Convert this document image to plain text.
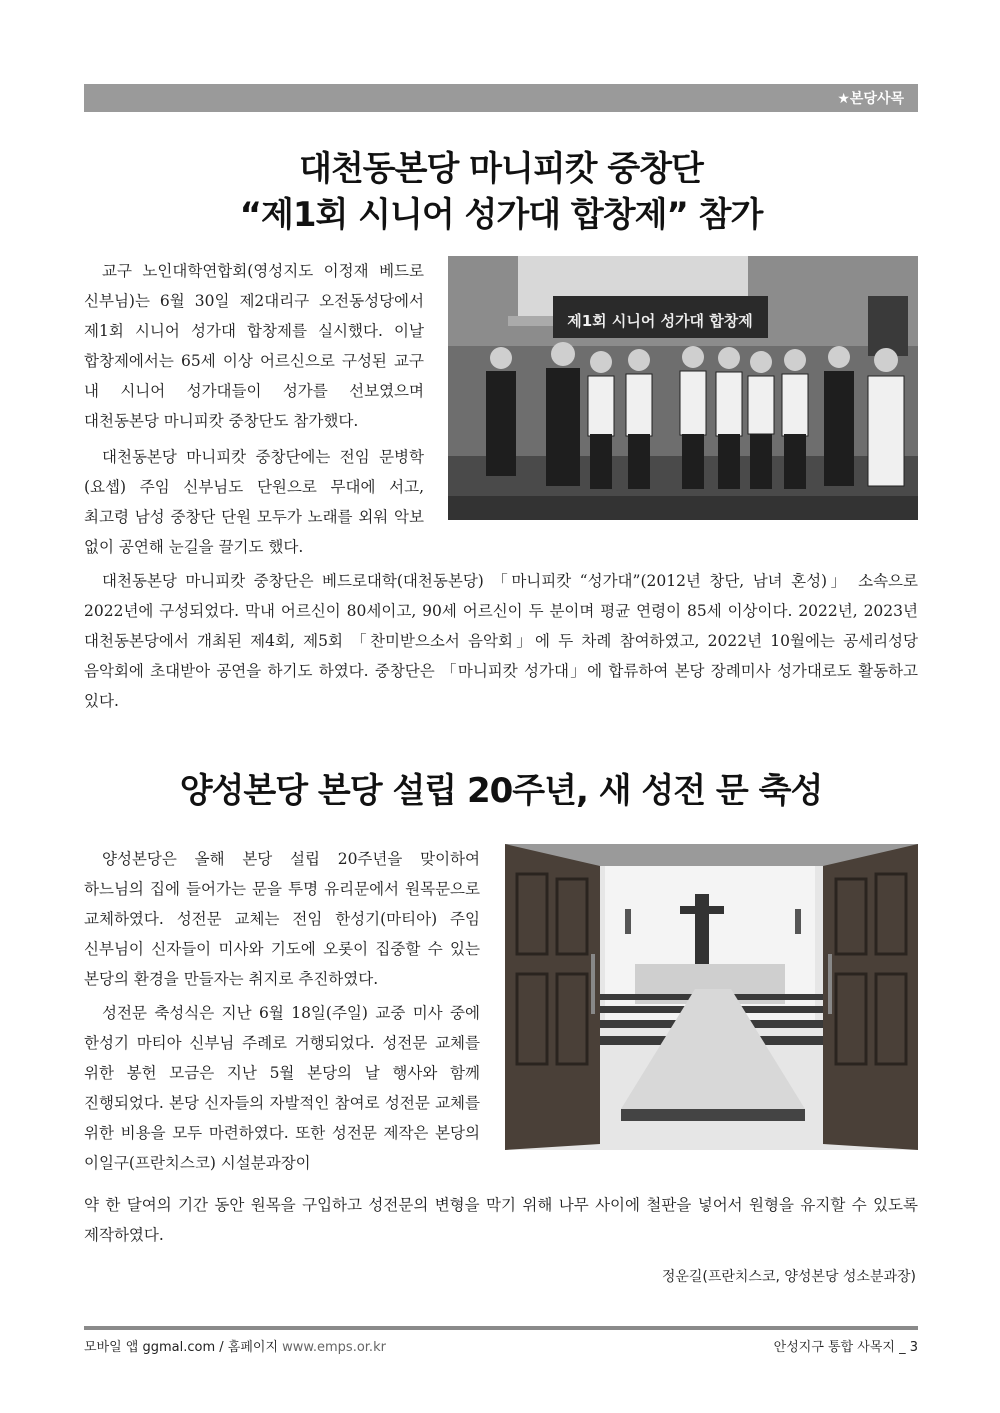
★본당사목
대천동본당 마니피캇 중창단
“제1회 시니어 성가대 합창제” 참가
제1회 시니어 성가대 합창제

교구 노인대학연합회(영성지도 이정재 베드로 신부님)는 6월 30일 제2대리구 오전동성당에서 제1회 시니어 성가대 합창제를 실시했다. 이날 합창제에서는 65세 이상 어르신으로 구성된 교구 내 시니어 성가대들이 성가를 선보였으며 대천동본당 마니피캇 중창단도 참가했다.

대천동본당 마니피캇 중창단에는 전임 문병학(요셉) 주임 신부님도 단원으로 무대에 서고, 최고령 남성 중창단 단원 모두가 노래를 외워 악보 없이 공연해 눈길을 끌기도 했다.

대천동본당 마니피캇 중창단은 베드로대학(대천동본당) 「마니피캇 “성가대”(2012년 창단, 남녀 혼성)」 소속으로 2022년에 구성되었다. 막내 어르신이 80세이고, 90세 어르신이 두 분이며 평균 연령이 85세 이상이다. 2022년, 2023년 대천동본당에서 개최된 제4회, 제5회 「찬미받으소서 음악회」에 두 차례 참여하였고, 2022년 10월에는 공세리성당 음악회에 초대받아 공연을 하기도 하였다. 중창단은 「마니피캇 성가대」에 합류하여 본당 장례미사 성가대로도 활동하고 있다.

양성본당 본당 설립 20주년, 새 성전 문 축성

양성본당은 올해 본당 설립 20주년을 맞이하여 하느님의 집에 들어가는 문을 투명 유리문에서 원목문으로 교체하였다. 성전문 교체는 전임 한성기(마티아) 주임 신부님이 신자들이 미사와 기도에 오롯이 집중할 수 있는 본당의 환경을 만들자는 취지로 추진하였다.

성전문 축성식은 지난 6월 18일(주일) 교중 미사 중에 한성기 마티아 신부님 주례로 거행되었다. 성전문 교체를 위한 봉헌 모금은 지난 5월 본당의 날 행사와 함께 진행되었다. 본당 신자들의 자발적인 참여로 성전문 교체를 위한 비용을 모두 마련하였다. 또한 성전문 제작은 본당의 이일구(프란치스코) 시설분과장이

약 한 달여의 기간 동안 원목을 구입하고 성전문의 변형을 막기 위해 나무 사이에 철판을 넣어서 원형을 유지할 수 있도록 제작하였다.

정운길(프란치스코, 양성본당 성소분과장)
모바일 앱 ggmal.com / 홈페이지 www.emps.or.kr	안성지구 통합 사목지 _ 3
